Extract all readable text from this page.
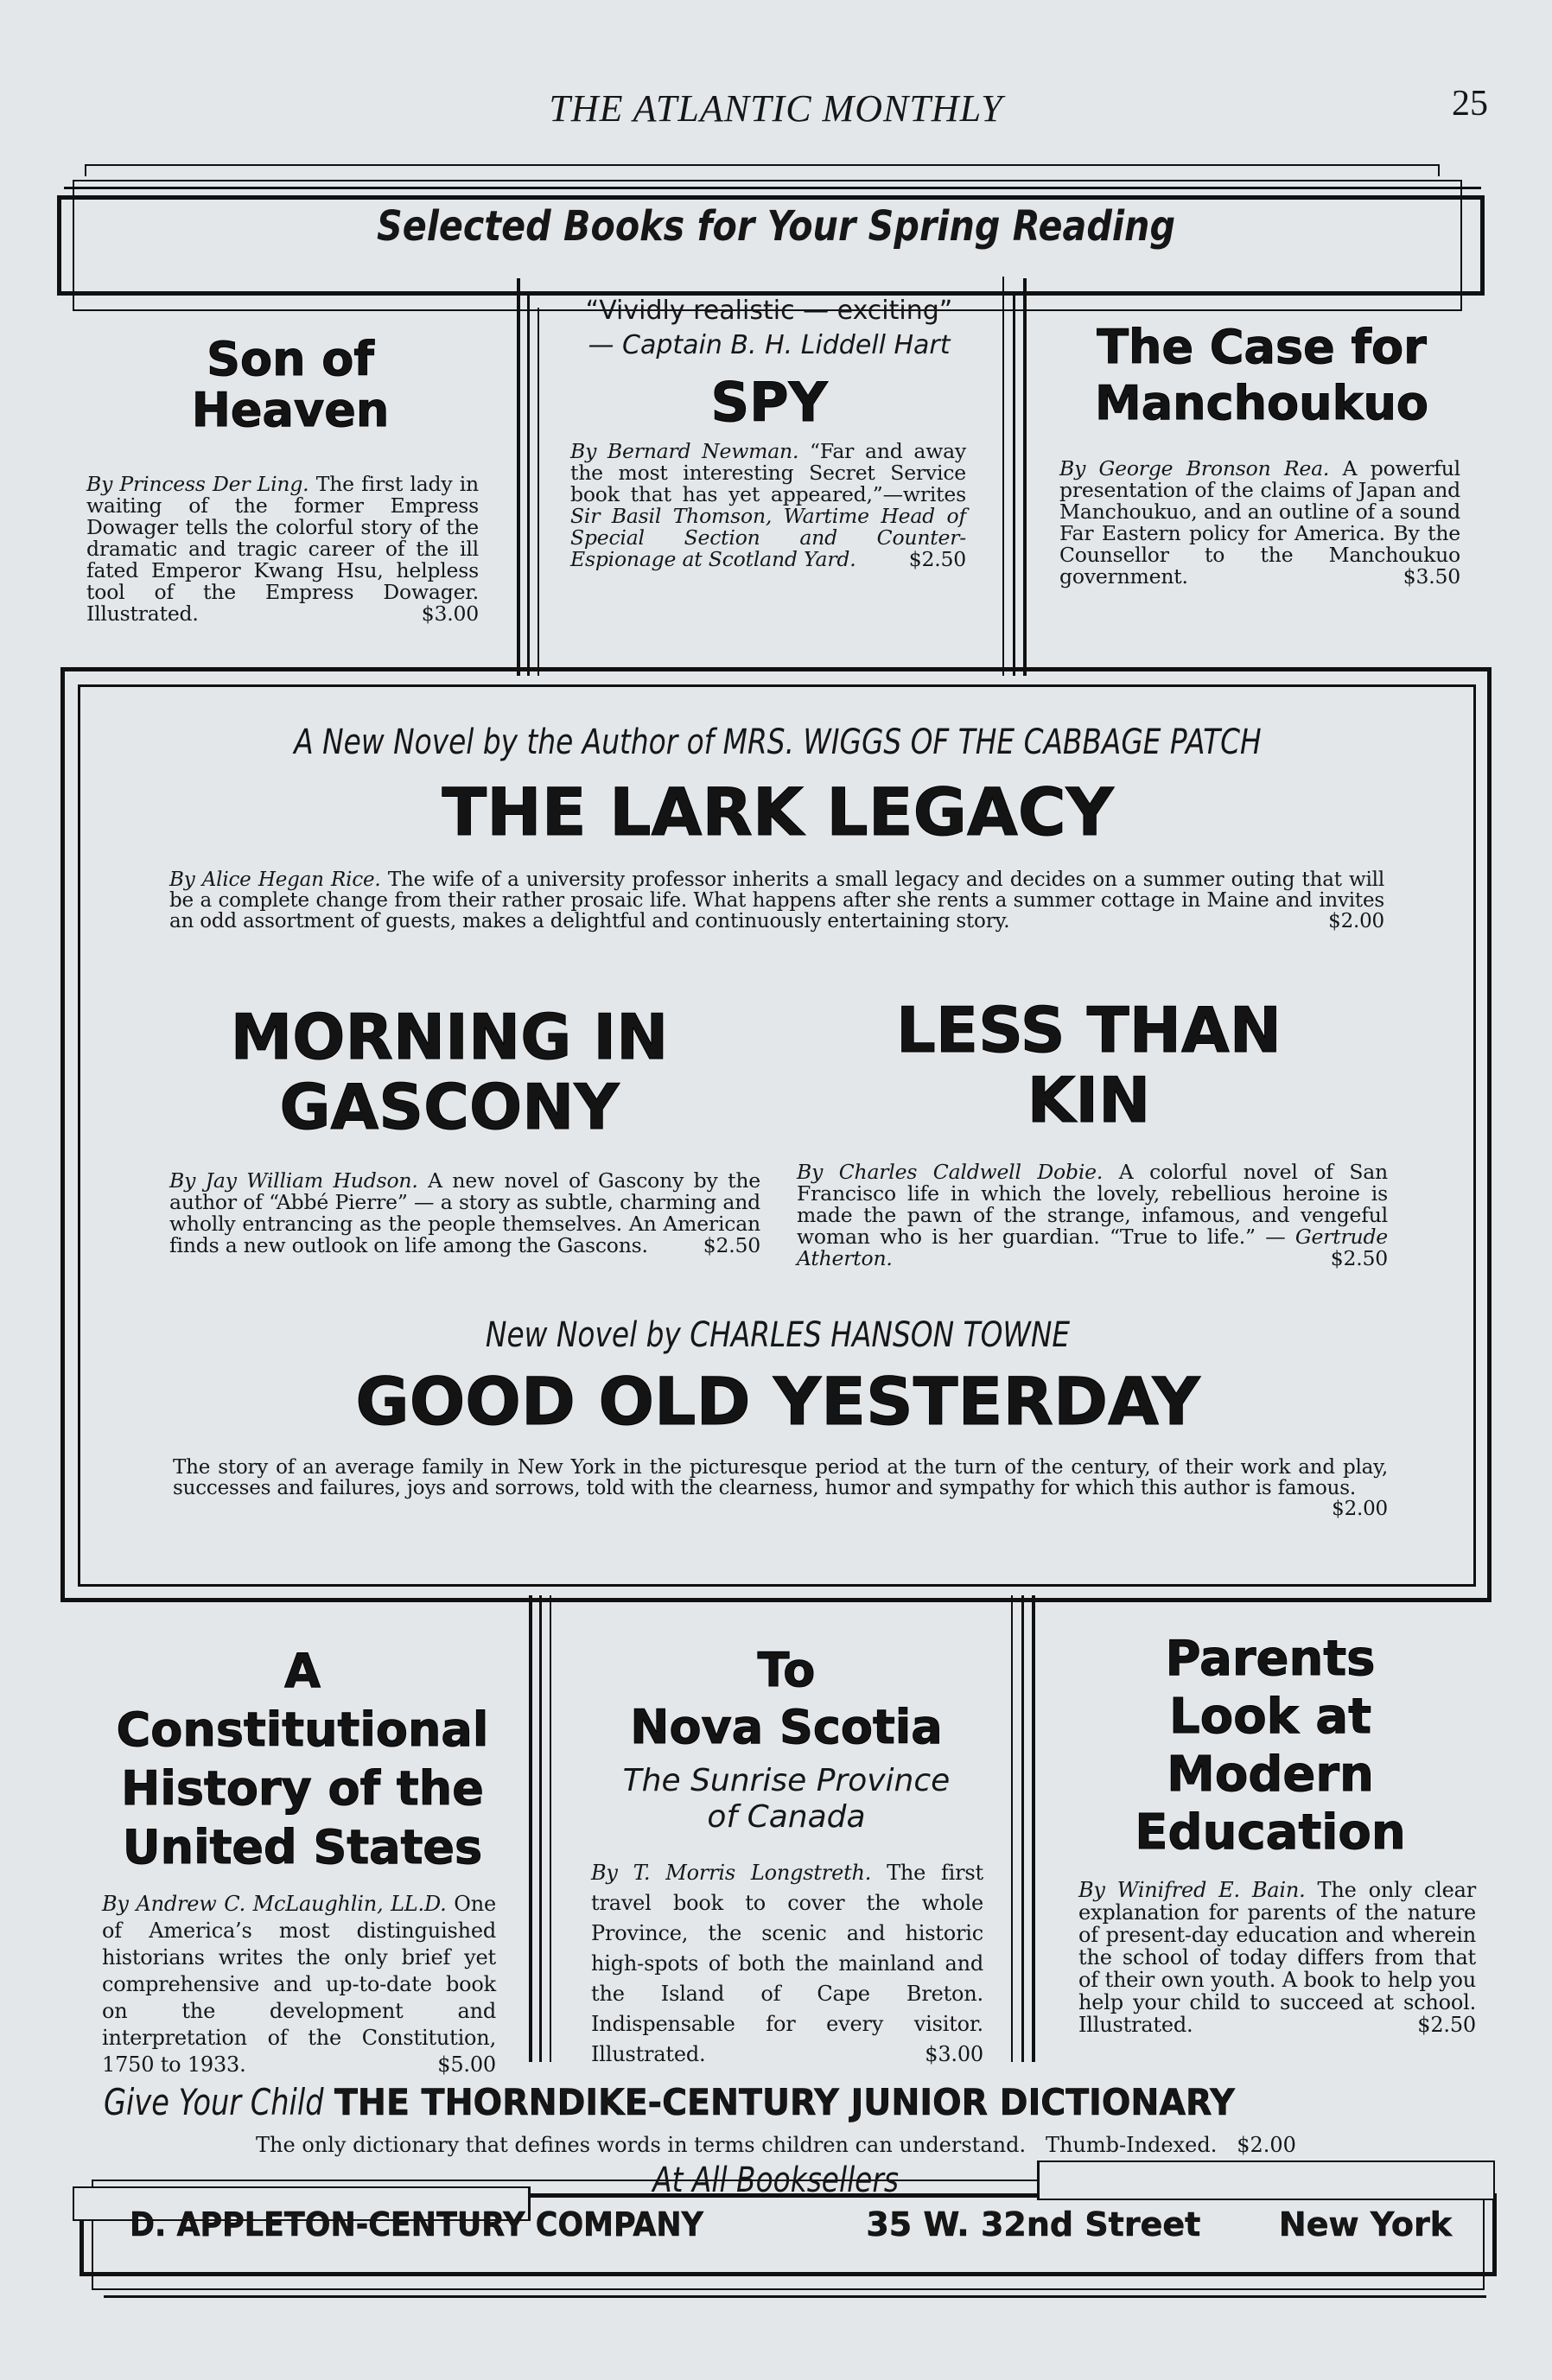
THE ATLANTIC MONTHLY	25
Selected Books for Your Spring Reading
Son of
Heaven
By Princess Der Ling. The first lady in waiting of the former Empress Dowager tells the colorful story of the dramatic and tragic career of the ill fated Emperor Kwang Hsu, helpless tool of the Empress Dowager. Illustrated.	$3.00
“Vividly realistic — exciting”
— Captain B. H. Liddell Hart
SPY
By Bernard Newman. “Far and away the most interesting Secret Service book that has yet appeared,”—writes Sir Basil Thomson, Wartime Head of Special Section and Counter-Espionage at Scotland Yard.	$2.50
The Case for
Manchoukuo
By George Bronson Rea. A powerful presentation of the claims of Japan and Manchoukuo, and an outline of a sound Far Eastern policy for America. By the Counsellor to the Manchoukuo government.	$3.50
A New Novel by the Author of MRS. WIGGS OF THE CABBAGE PATCH
THE LARK LEGACY
By Alice Hegan Rice. The wife of a university professor inherits a small legacy and decides on a summer outing that will be a complete change from their rather prosaic life. What happens after she rents a summer cottage in Maine and invites an odd assortment of guests, makes a delightful and continuously entertaining story.	$2.00
MORNING IN
GASCONY
By Jay William Hudson. A new novel of Gascony by the author of “Abbé Pierre” — a story as subtle, charming and wholly entrancing as the people themselves. An American finds a new outlook on life among the Gascons.	$2.50
LESS THAN
KIN
By Charles Caldwell Dobie. A colorful novel of San Francisco life in which the lovely, rebellious heroine is made the pawn of the strange, infamous, and vengeful woman who is her guardian. “True to life.” — Gertrude Atherton.	$2.50
New Novel by CHARLES HANSON TOWNE
GOOD OLD YESTERDAY
The story of an average family in New York in the picturesque period at the turn of the century, of their work and play, successes and failures, joys and sorrows, told with the clearness, humor and sympathy for which this author is famous.
$2.00
A
Constitutional
History of the
United States
By Andrew C. McLaughlin, LL.D. One of America’s most distinguished historians writes the only brief yet comprehensive and up-to-date book on the development and interpretation of the Constitution, 1750 to 1933.	$5.00
To
Nova Scotia
The Sunrise Province
of Canada
By T. Morris Longstreth. The first travel book to cover the whole Province, the scenic and historic high-spots of both the mainland and the Island of Cape Breton. Indispensable for every visitor. Illustrated.	$3.00
Parents
Look at
Modern
Education
By Winifred E. Bain. The only clear explanation for parents of the nature of present-day education and wherein the school of today differs from that of their own youth. A book to help you help your child to succeed at school. Illustrated.	$2.50
Give Your Child THE THORNDIKE-CENTURY JUNIOR DICTIONARY
The only dictionary that defines words in terms children can understand.   Thumb-Indexed.   $2.00
At All Booksellers
D. APPLETON-CENTURY COMPANY	35 W. 32nd Street New York
